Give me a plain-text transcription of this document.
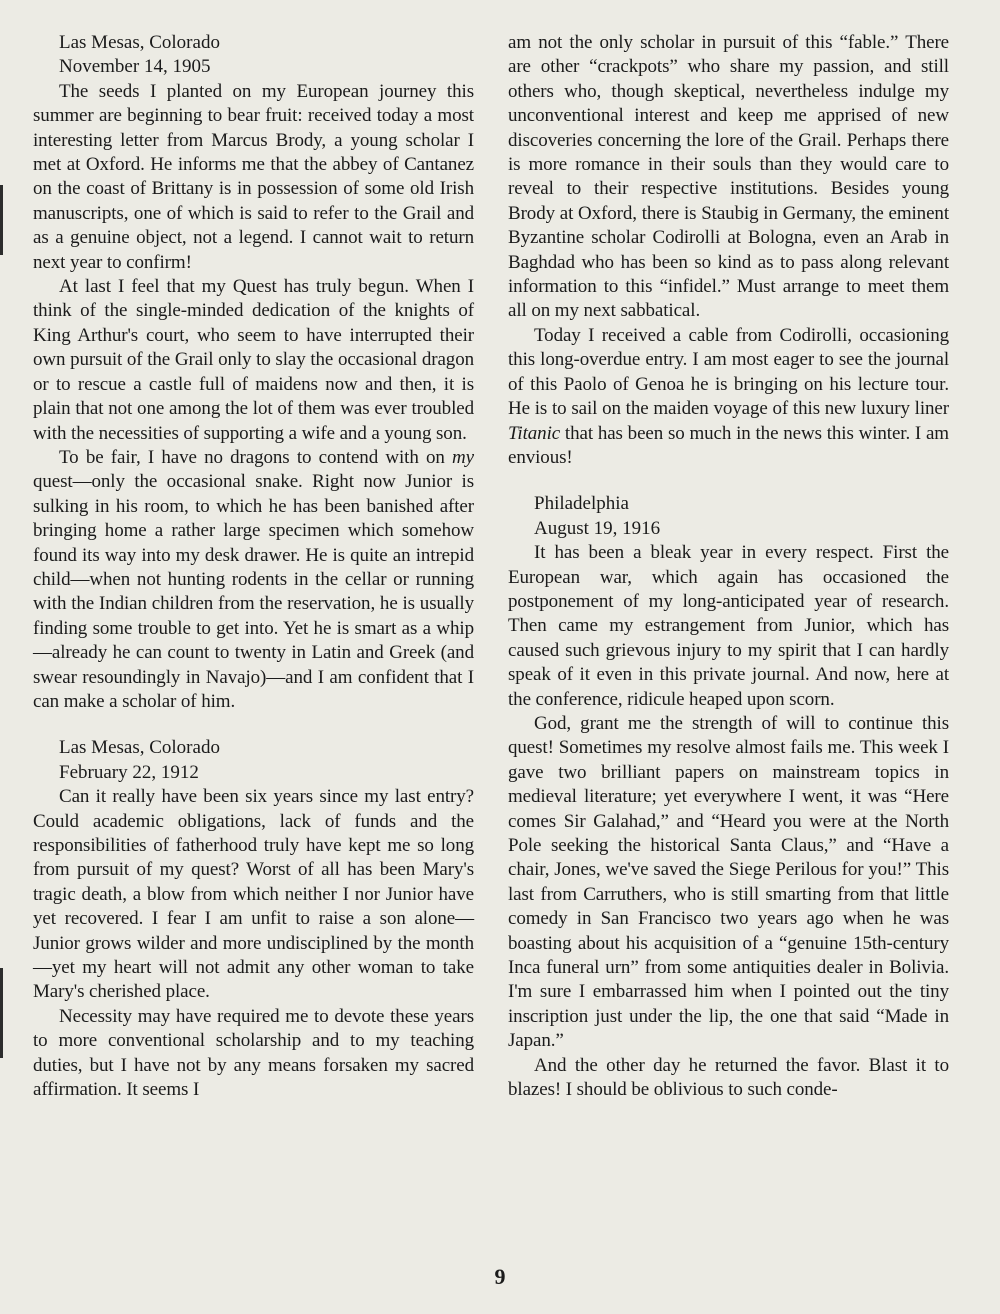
Las Mesas, Colorado

November 14, 1905

The seeds I planted on my European journey this summer are beginning to bear fruit: received today a most interesting letter from Marcus Brody, a young scholar I met at Oxford. He informs me that the abbey of Cantanez on the coast of Brittany is in possession of some old Irish manuscripts, one of which is said to refer to the Grail and as a genuine object, not a legend. I cannot wait to return next year to confirm!

At last I feel that my Quest has truly begun. When I think of the single-minded dedication of the knights of King Arthur's court, who seem to have interrupted their own pursuit of the Grail only to slay the occasional dragon or to rescue a castle full of maidens now and then, it is plain that not one among the lot of them was ever troubled with the necessities of supporting a wife and a young son.

To be fair, I have no dragons to contend with on my quest—only the occasional snake. Right now Junior is sulking in his room, to which he has been banished after bringing home a rather large specimen which somehow found its way into my desk drawer. He is quite an intrepid child—when not hunting rodents in the cellar or running with the Indian children from the reservation, he is usually finding some trouble to get into. Yet he is smart as a whip—already he can count to twenty in Latin and Greek (and swear resoundingly in Navajo)—and I am confident that I can make a scholar of him.

Las Mesas, Colorado

February 22, 1912

Can it really have been six years since my last entry? Could academic obligations, lack of funds and the responsibilities of fatherhood truly have kept me so long from pursuit of my quest? Worst of all has been Mary's tragic death, a blow from which neither I nor Junior have yet recovered. I fear I am unfit to raise a son alone—Junior grows wilder and more undisciplined by the month—yet my heart will not admit any other woman to take Mary's cherished place.

Necessity may have required me to devote these years to more conventional scholarship and to my teaching duties, but I have not by any means forsaken my sacred affirmation. It seems I

am not the only scholar in pursuit of this “fable.” There are other “crackpots” who share my passion, and still others who, though skeptical, nevertheless indulge my unconventional interest and keep me apprised of new discoveries concerning the lore of the Grail. Perhaps there is more romance in their souls than they would care to reveal to their respective institutions. Besides young Brody at Oxford, there is Staubig in Germany, the eminent Byzantine scholar Codirolli at Bologna, even an Arab in Baghdad who has been so kind as to pass along relevant information to this “infidel.” Must arrange to meet them all on my next sabbatical.

Today I received a cable from Codirolli, occasioning this long-overdue entry. I am most eager to see the journal of this Paolo of Genoa he is bringing on his lecture tour. He is to sail on the maiden voyage of this new luxury liner Titanic that has been so much in the news this winter. I am envious!

Philadelphia

August 19, 1916

It has been a bleak year in every respect. First the European war, which again has occasioned the postponement of my long-anticipated year of research. Then came my estrangement from Junior, which has caused such grievous injury to my spirit that I can hardly speak of it even in this private journal. And now, here at the conference, ridicule heaped upon scorn.

God, grant me the strength of will to continue this quest! Sometimes my resolve almost fails me. This week I gave two brilliant papers on mainstream topics in medieval literature; yet everywhere I went, it was “Here comes Sir Galahad,” and “Heard you were at the North Pole seeking the historical Santa Claus,” and “Have a chair, Jones, we've saved the Siege Perilous for you!” This last from Carruthers, who is still smarting from that little comedy in San Francisco two years ago when he was boasting about his acquisition of a “genuine 15th-century Inca funeral urn” from some antiquities dealer in Bolivia. I'm sure I embarrassed him when I pointed out the tiny inscription just under the lip, the one that said “Made in Japan.”

And the other day he returned the favor. Blast it to blazes! I should be oblivious to such conde-

9
